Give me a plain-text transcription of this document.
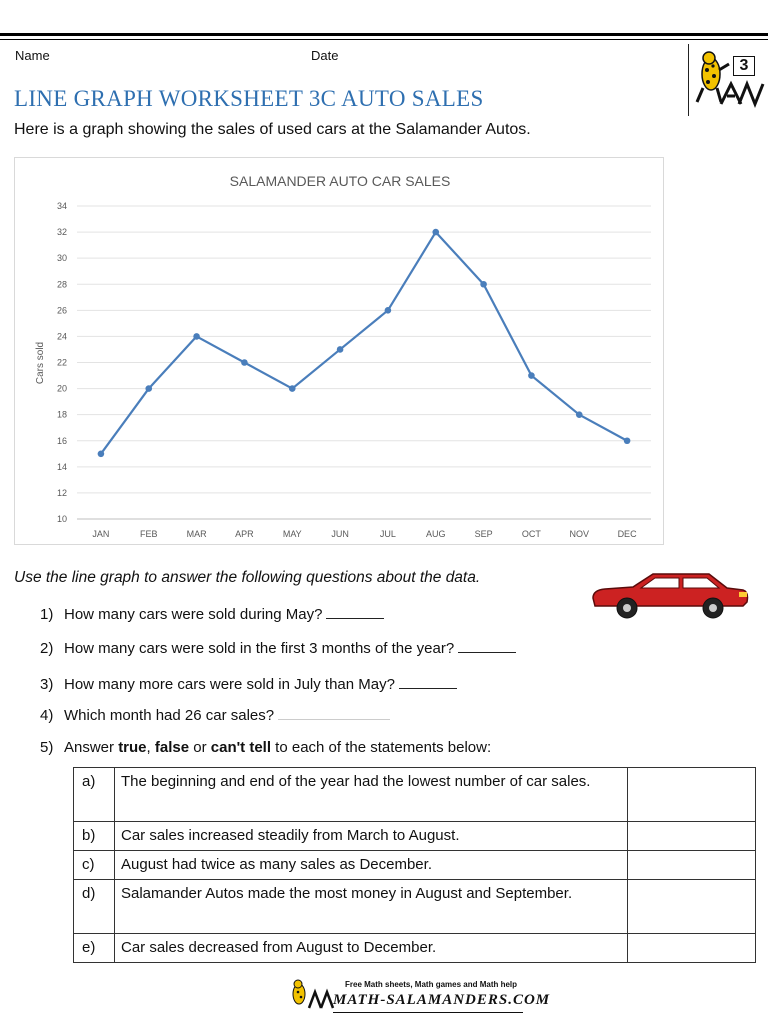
Name	Date
3
LINE GRAPH WORKSHEET 3C AUTO SALES
Here is a graph showing the sales of used cars at the Salamander Autos.
SALAMANDER AUTO CAR SALES
Cars sold
10
12
14
16
18
20
22
24
26
28
30
32
34
JAN	FEB	MAR	APR	MAY	JUN	JUL	AUG	SEP	OCT	NOV	DEC
Use the line graph to answer the following questions about the data.
1) How many cars were sold during May?
2) How many cars were sold in the first 3 months of the year?
3) How many more cars were sold in July than May?
4) Which month had 26 car sales?
5) Answer true, false or can't tell to each of the statements below:
a)	The beginning and end of the year had the lowest number of car sales.	
b)	Car sales increased steadily from March to August.	
c)	August had twice as many sales as December.	
d)	Salamander Autos made the most money in August and September.	
e)	Car sales decreased from August to December.	
Free Math sheets, Math games and Math help
MATH-SALAMANDERS.COM
